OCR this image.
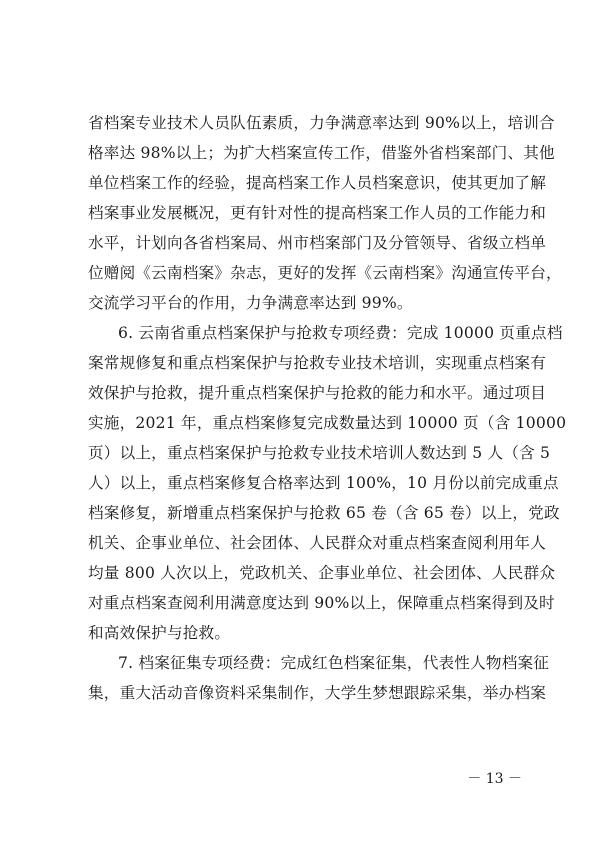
省档案专业技术人员队伍素质，力争满意率达到 90%以上，培训合
格率达 98%以上；为扩大档案宣传工作，借鉴外省档案部门、其他
单位档案工作的经验，提高档案工作人员档案意识，使其更加了解
档案事业发展概况，更有针对性的提高档案工作人员的工作能力和
水平，计划向各省档案局、州市档案部门及分管领导、省级立档单
位赠阅《云南档案》杂志，更好的发挥《云南档案》沟通宣传平台，
交流学习平台的作用，力争满意率达到 99%。
6. 云南省重点档案保护与抢救专项经费：完成 10000 页重点档
案常规修复和重点档案保护与抢救专业技术培训，实现重点档案有
效保护与抢救，提升重点档案保护与抢救的能力和水平。通过项目
实施，2021 年，重点档案修复完成数量达到 10000 页（含 10000
页）以上，重点档案保护与抢救专业技术培训人数达到 5 人（含 5
人）以上，重点档案修复合格率达到 100%，10 月份以前完成重点
档案修复，新增重点档案保护与抢救 65 卷（含 65 卷）以上，党政
机关、企事业单位、社会团体、人民群众对重点档案查阅利用年人
均量 800 人次以上，党政机关、企事业单位、社会团体、人民群众
对重点档案查阅利用满意度达到 90%以上，保障重点档案得到及时
和高效保护与抢救。
7. 档案征集专项经费：完成红色档案征集，代表性人物档案征
集，重大活动音像资料采集制作，大学生梦想跟踪采集，举办档案
－ 13 －
